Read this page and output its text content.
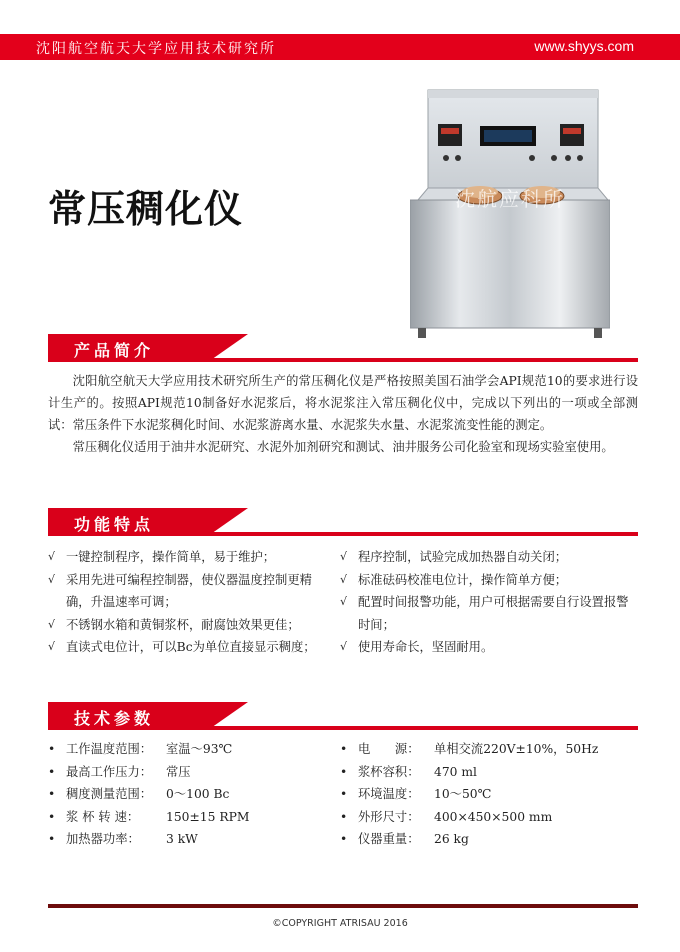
沈阳航空航天大学应用技术研究所	www.shyys.com
常压稠化仪	沈航应科所
产品简介

沈阳航空航天大学应用技术研究所生产的常压稠化仪是严格按照美国石油学会API规范10的要求进行设计生产的。按照API规范10制备好水泥浆后，将水泥浆注入常压稠化仪中，完成以下列出的一项或全部测试：常压条件下水泥浆稠化时间、水泥浆游离水量、水泥浆失水量、水泥浆流变性能的测定。

常压稠化仪适用于油井水泥研究、水泥外加剂研究和测试、油井服务公司化验室和现场实验室使用。

功能特点
√ 一键控制程序，操作简单，易于维护；
√ 采用先进可编程控制器，使仪器温度控制更精确，升温速率可调；
√ 不锈钢水箱和黄铜浆杯，耐腐蚀效果更佳；
√ 直读式电位计，可以Bc为单位直接显示稠度；
√ 程序控制，试验完成加热器自动关闭；
√ 标准砝码校准电位计，操作简单方便；
√ 配置时间报警功能，用户可根据需要自行设置报警时间；
√ 使用寿命长，坚固耐用。
技术参数
• 工作温度范围： 室温～93℃
• 最高工作压力： 常压
• 稠度测量范围： 0～100 Bc
• 浆 杯 转 速： 150±15 RPM
• 加热器功率： 3 kW
• 电　　源： 单相交流220V±10%，50Hz
• 浆杯容积： 470 ml
• 环境温度： 10～50℃
• 外形尺寸： 400×450×500 mm
• 仪器重量： 26 kg
©COPYRIGHT ATRISAU 2016
